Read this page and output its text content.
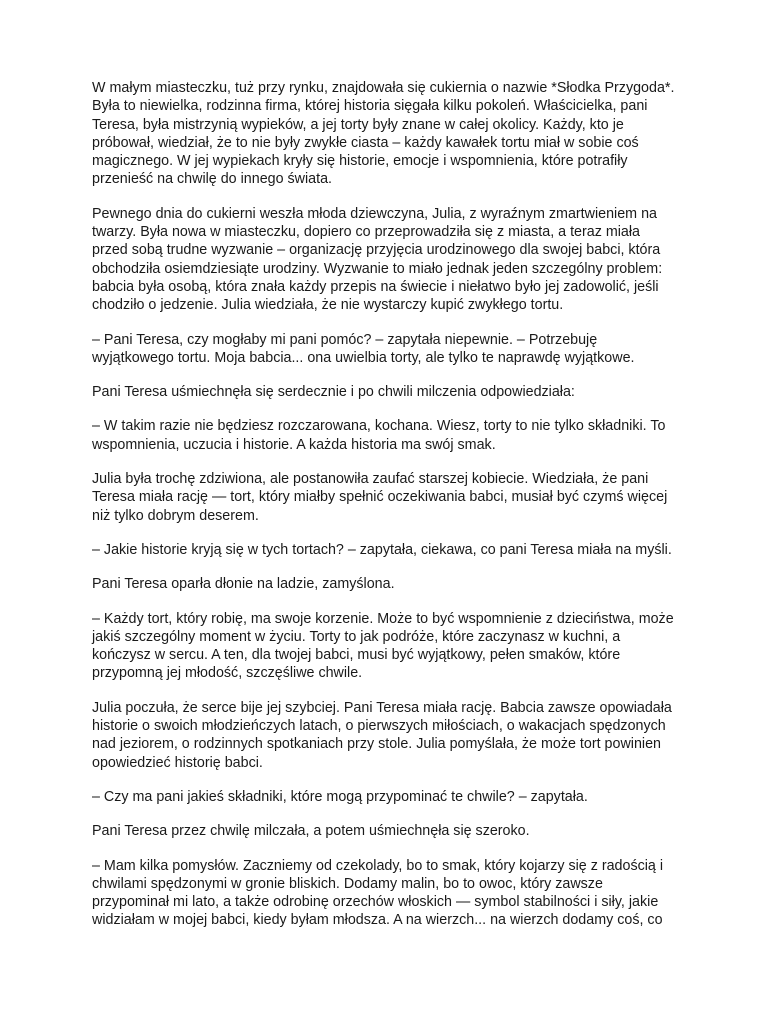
W małym miasteczku, tuż przy rynku, znajdowała się cukiernia o nazwie *Słodka Przygoda*.
Była to niewielka, rodzinna firma, której historia sięgała kilku pokoleń. Właścicielka, pani
Teresa, była mistrzynią wypieków, a jej torty były znane w całej okolicy. Każdy, kto je
próbował, wiedział, że to nie były zwykłe ciasta – każdy kawałek tortu miał w sobie coś
magicznego. W jej wypiekach kryły się historie, emocje i wspomnienia, które potrafiły
przenieść na chwilę do innego świata.

Pewnego dnia do cukierni weszła młoda dziewczyna, Julia, z wyraźnym zmartwieniem na
twarzy. Była nowa w miasteczku, dopiero co przeprowadziła się z miasta, a teraz miała
przed sobą trudne wyzwanie – organizację przyjęcia urodzinowego dla swojej babci, która
obchodziła osiemdziesiąte urodziny. Wyzwanie to miało jednak jeden szczególny problem:
babcia była osobą, która znała każdy przepis na świecie i niełatwo było jej zadowolić, jeśli
chodziło o jedzenie. Julia wiedziała, że nie wystarczy kupić zwykłego tortu.

– Pani Teresa, czy mogłaby mi pani pomóc? – zapytała niepewnie. – Potrzebuję
wyjątkowego tortu. Moja babcia... ona uwielbia torty, ale tylko te naprawdę wyjątkowe.

Pani Teresa uśmiechnęła się serdecznie i po chwili milczenia odpowiedziała:

– W takim razie nie będziesz rozczarowana, kochana. Wiesz, torty to nie tylko składniki. To
wspomnienia, uczucia i historie. A każda historia ma swój smak.

Julia była trochę zdziwiona, ale postanowiła zaufać starszej kobiecie. Wiedziała, że pani
Teresa miała rację — tort, który miałby spełnić oczekiwania babci, musiał być czymś więcej
niż tylko dobrym deserem.

– Jakie historie kryją się w tych tortach? – zapytała, ciekawa, co pani Teresa miała na myśli.

Pani Teresa oparła dłonie na ladzie, zamyślona.

– Każdy tort, który robię, ma swoje korzenie. Może to być wspomnienie z dzieciństwa, może
jakiś szczególny moment w życiu. Torty to jak podróże, które zaczynasz w kuchni, a
kończysz w sercu. A ten, dla twojej babci, musi być wyjątkowy, pełen smaków, które
przypomną jej młodość, szczęśliwe chwile.

Julia poczuła, że serce bije jej szybciej. Pani Teresa miała rację. Babcia zawsze opowiadała
historie o swoich młodzieńczych latach, o pierwszych miłościach, o wakacjach spędzonych
nad jeziorem, o rodzinnych spotkaniach przy stole. Julia pomyślała, że może tort powinien
opowiedzieć historię babci.

– Czy ma pani jakieś składniki, które mogą przypominać te chwile? – zapytała.

Pani Teresa przez chwilę milczała, a potem uśmiechnęła się szeroko.

– Mam kilka pomysłów. Zaczniemy od czekolady, bo to smak, który kojarzy się z radością i
chwilami spędzonymi w gronie bliskich. Dodamy malin, bo to owoc, który zawsze
przypominał mi lato, a także odrobinę orzechów włoskich — symbol stabilności i siły, jakie
widziałam w mojej babci, kiedy byłam młodsza. A na wierzch... na wierzch dodamy coś, co
